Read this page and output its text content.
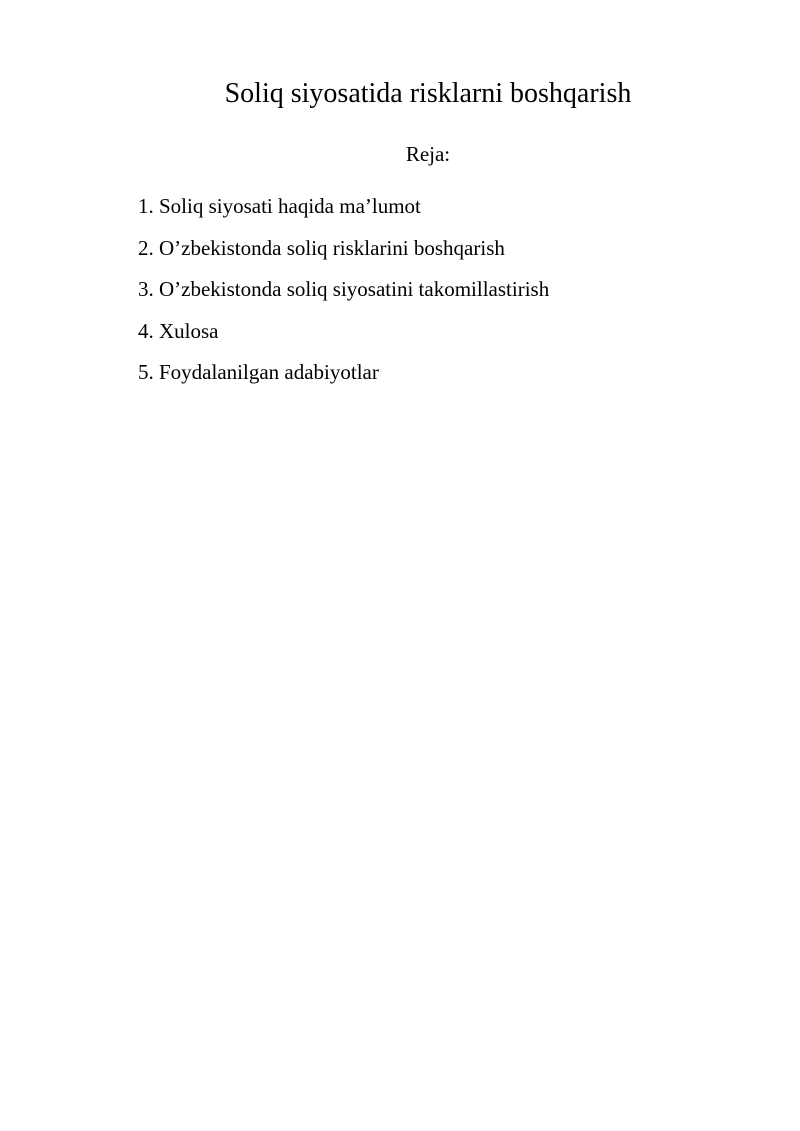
Soliq siyosatida risklarni boshqarish
Reja:
1. Soliq siyosati haqida ma’lumot
2. O’zbekistonda soliq risklarini boshqarish
3. O’zbekistonda soliq siyosatini takomillastirish
4. Xulosa
5. Foydalanilgan adabiyotlar
